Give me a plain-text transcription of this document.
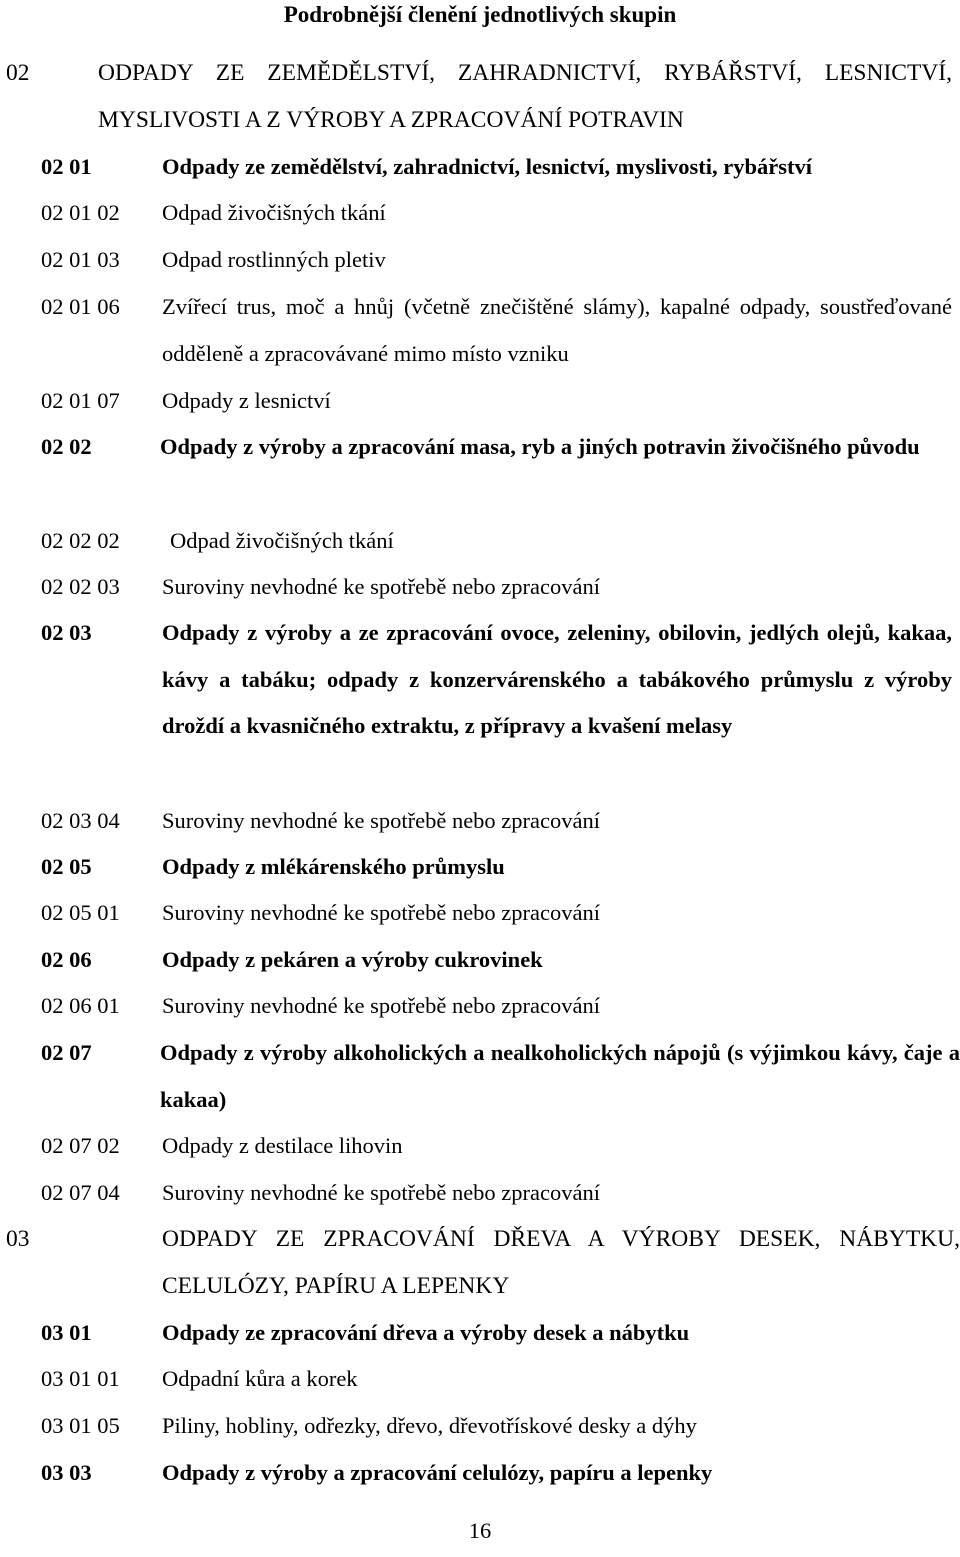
Podrobnější členění jednotlivých skupin
02	ODPADY ZE ZEMĚDĚLSTVÍ, ZAHRADNICTVÍ, RYBÁŘSTVÍ, LESNICTVÍ, MYSLIVOSTI A Z VÝROBY A ZPRACOVÁNÍ POTRAVIN
02 01	Odpady ze zemědělství, zahradnictví, lesnictví, myslivosti, rybářství
02 01 02 Odpad živočišných tkání
02 01 03 Odpad rostlinných pletiv
02 01 06 Zvířecí trus, moč a hnůj (včetně znečištěné slámy), kapalné odpady, soustřeďované odděleně a zpracovávané mimo místo vzniku
02 01 07 Odpady z lesnictví
02 02	Odpady z výroby a zpracování masa, ryb a jiných potravin živočišného původu
02 02 02 Odpad živočišných tkání
02 02 03 Suroviny nevhodné ke spotřebě nebo zpracování
02 03	Odpady z výroby a ze zpracování ovoce, zeleniny, obilovin, jedlých olejů, kakaa, kávy a tabáku; odpady z konzervárenského a tabákového průmyslu z výroby droždí a kvasničného extraktu, z přípravy a kvašení melasy
02 03 04 Suroviny nevhodné ke spotřebě nebo zpracování
02 05	Odpady z mlékárenského průmyslu
02 05 01 Suroviny nevhodné ke spotřebě nebo zpracování
02 06	Odpady z pekáren a výroby cukrovinek
02 06 01 Suroviny nevhodné ke spotřebě nebo zpracování
02 07	Odpady z výroby alkoholických a nealkoholických nápojů (s výjimkou kávy, čaje a kakaa)
02 07 02 Odpady z destilace lihovin
02 07 04 Suroviny nevhodné ke spotřebě nebo zpracování
03	ODPADY ZE ZPRACOVÁNÍ DŘEVA A VÝROBY DESEK, NÁBYTKU, CELULÓZY, PAPÍRU A LEPENKY
03 01	Odpady ze zpracování dřeva a výroby desek a nábytku
03 01 01 Odpadní kůra a korek
03 01 05 Piliny, hobliny, odřezky, dřevo, dřevotřískové desky a dýhy
03 03	Odpady z výroby a zpracování celulózy, papíru a lepenky
16
